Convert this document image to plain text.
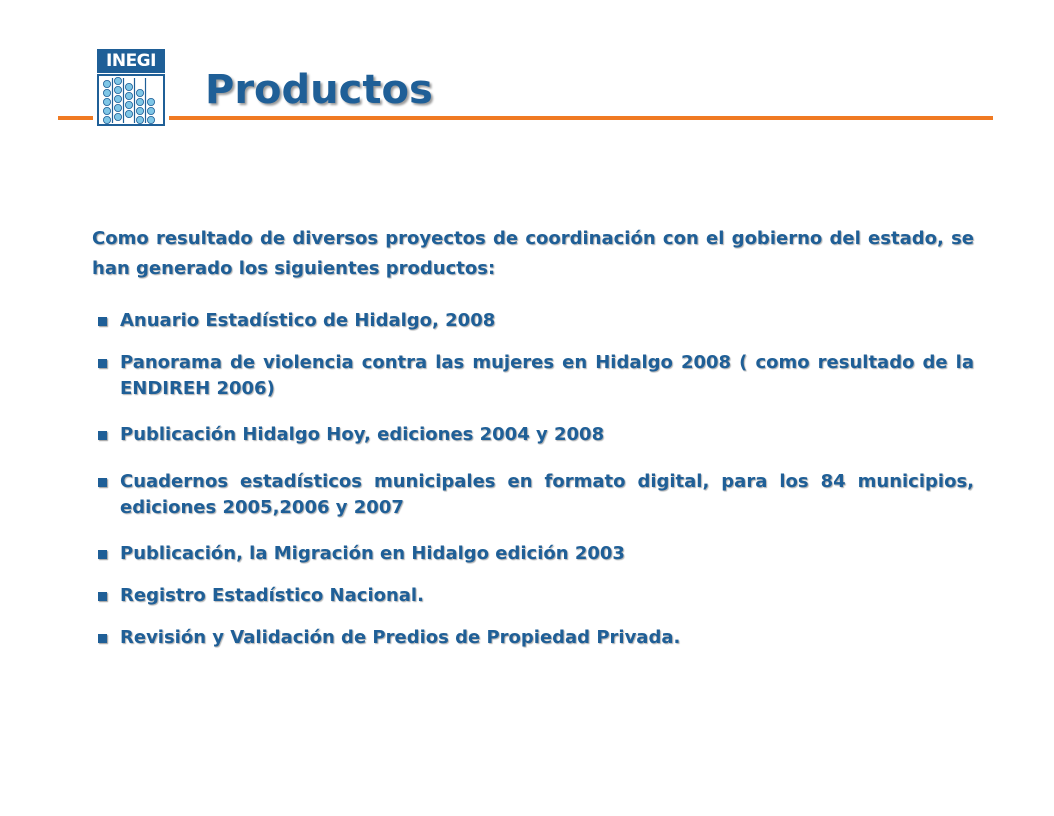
INEGI
Productos

Como resultado de diversos proyectos de coordinación con el gobierno del estado, se han generado los siguientes productos:

Anuario Estadístico de Hidalgo, 2008
Panorama de violencia contra las mujeres en Hidalgo 2008 ( como resultado de la ENDIREH 2006)
Publicación Hidalgo Hoy, ediciones 2004 y 2008
Cuadernos estadísticos municipales en formato digital, para los 84 municipios, ediciones 2005,2006 y 2007
Publicación, la Migración en Hidalgo edición 2003
Registro Estadístico Nacional.
Revisión y Validación de Predios de Propiedad Privada.
